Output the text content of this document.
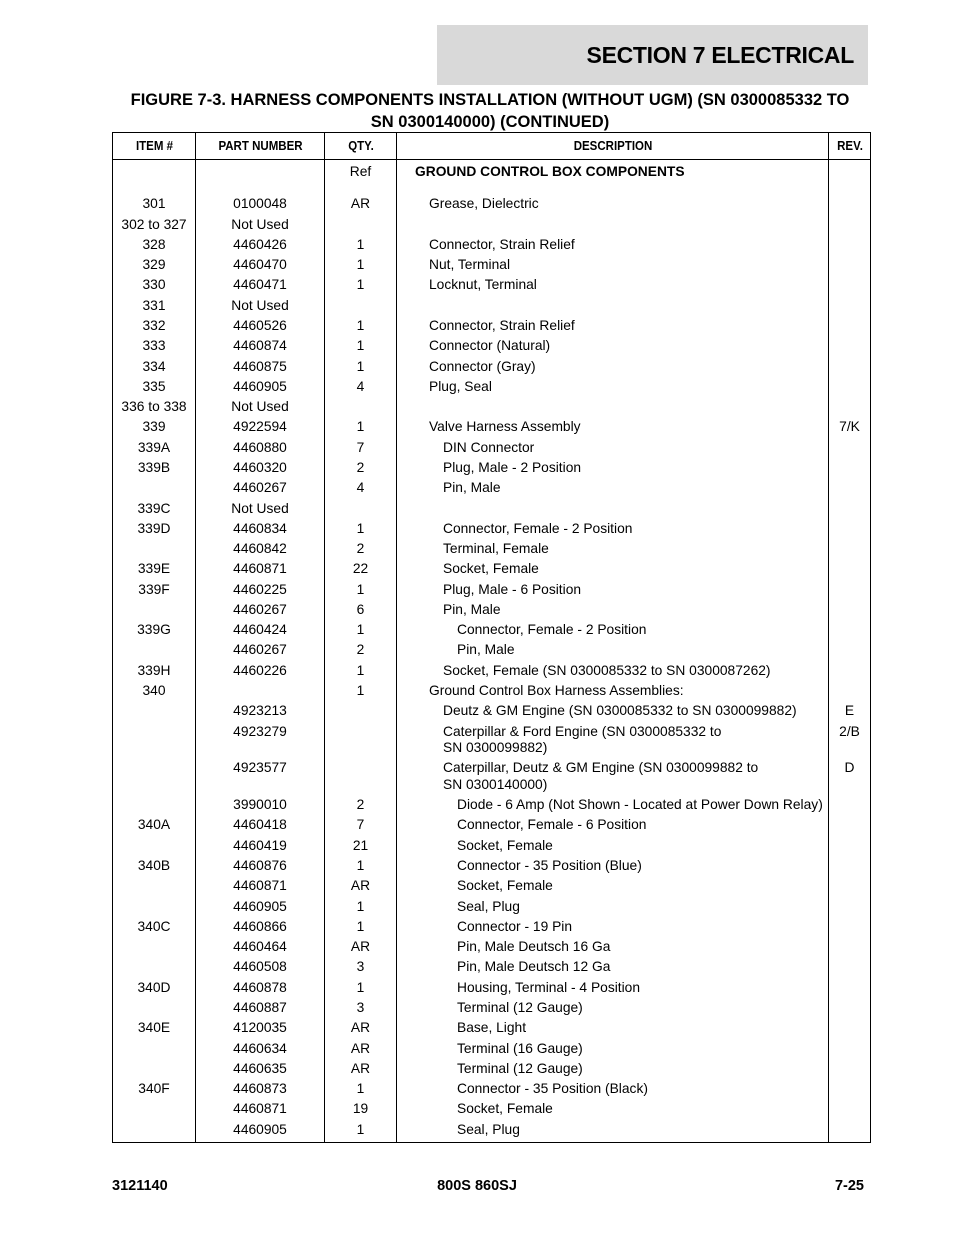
SECTION 7 ELECTRICAL
FIGURE 7-3. HARNESS COMPONENTS INSTALLATION (WITHOUT UGM) (SN 0300085332 TO
SN 0300140000) (CONTINUED)
ITEM #	PART NUMBER	QTY.	DESCRIPTION	REV.
		Ref	GROUND CONTROL BOX COMPONENTS	

301	0100048	AR	Grease, Dielectric	

302 to 327	Not Used		

328	4460426	1	Connector, Strain Relief	

329	4460470	1	Nut, Terminal	

330	4460471	1	Locknut, Terminal	

331	Not Used		

332	4460526	1	Connector, Strain Relief	

333	4460874	1	Connector (Natural)	

334	4460875	1	Connector (Gray)	

335	4460905	4	Plug, Seal	

336 to 338	Not Used		

339	4922594	1	Valve Harness Assembly	7/K
339A	4460880	7	DIN Connector	

339B	4460320	2	Plug, Male - 2 Position	

	4460267	4	Pin, Male	

339C	Not Used		

339D	4460834	1	Connector, Female - 2 Position	

	4460842	2	Terminal, Female	

339E	4460871	22	Socket, Female	

339F	4460225	1	Plug, Male - 6 Position	

	4460267	6	Pin, Male	

339G	4460424	1	Connector, Female - 2 Position	

	4460267	2	Pin, Male	

339H	4460226	1	Socket, Female (SN 0300085332 to SN 0300087262)	

340		1	Ground Control Box Harness Assemblies:	

	4923213		Deutz & GM Engine (SN 0300085332 to SN 0300099882)	E
	4923279		Caterpillar & Ford Engine (SN 0300085332 to
SN 0300099882)	2/B
	4923577		Caterpillar, Deutz & GM Engine (SN 0300099882 to
SN 0300140000)	D
	3990010	2	Diode - 6 Amp (Not Shown - Located at Power Down Relay)	

340A	4460418	7	Connector, Female - 6 Position	

	4460419	21	Socket, Female	

340B	4460876	1	Connector - 35 Position (Blue)	

	4460871	AR	Socket, Female	

	4460905	1	Seal, Plug	

340C	4460866	1	Connector - 19 Pin	

	4460464	AR	Pin, Male Deutsch 16 Ga	

	4460508	3	Pin, Male Deutsch 12 Ga	

340D	4460878	1	Housing, Terminal - 4 Position	

	4460887	3	Terminal (12 Gauge)	

340E	4120035	AR	Base, Light	

	4460634	AR	Terminal (16 Gauge)	

	4460635	AR	Terminal (12 Gauge)	

340F	4460873	1	Connector - 35 Position (Black)	

	4460871	19	Socket, Female	

	4460905	1	Seal, Plug	

3121140	800S 860SJ	7-25
